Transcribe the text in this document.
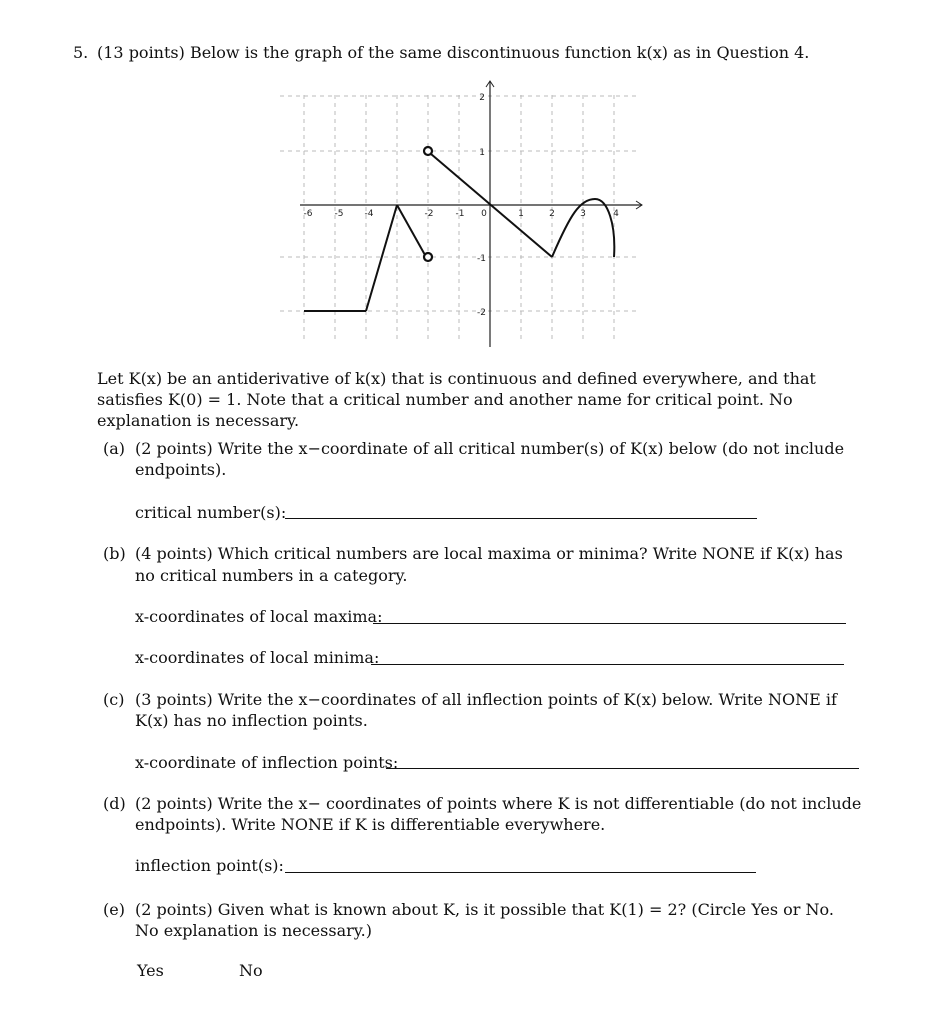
5. (13 points) Below is the graph of the same discontinuous function k(x) as in Question 4.
-6 -5 -4	-2 -1 0	1	2	3	4
2
1
-1
-2
Let K(x) be an antiderivative of k(x) that is continuous and defined everywhere, and that
satisfies K(0) = 1. Note that a critical number and another name for critical point. No
explanation is necessary.
(a) (2 points) Write the x−coordinate of all critical number(s) of K(x) below (do not include
endpoints).
critical number(s):
(b) (4 points) Which critical numbers are local maxima or minima? Write NONE if K(x) has
no critical numbers in a category.
x-coordinates of local maxima:
x-coordinates of local minima:
(c) (3 points) Write the x−coordinates of all inflection points of K(x) below. Write NONE if
K(x) has no inflection points.
x-coordinate of inflection points:
(d) (2 points) Write the x− coordinates of points where K is not differentiable (do not include
endpoints). Write NONE if K is differentiable everywhere.
inflection point(s):
(e) (2 points) Given what is known about K, is it possible that K(1) = 2? (Circle Yes or No.
No explanation is necessary.)
Yes	No
